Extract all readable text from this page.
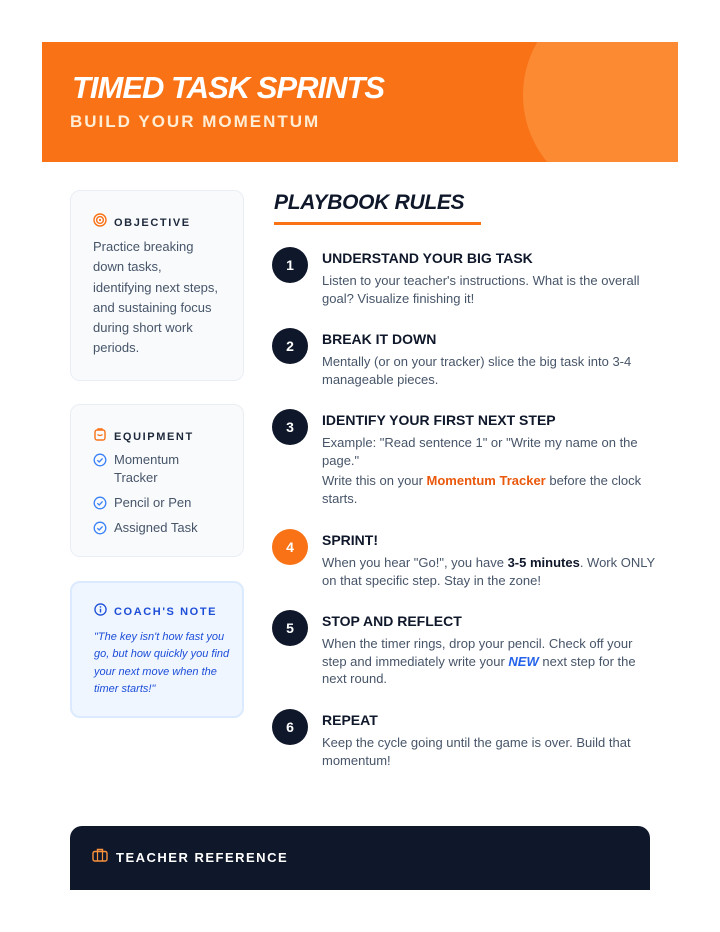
TIMED TASK SPRINTS
BUILD YOUR MOMENTUM
OBJECTIVE
Practice breaking down tasks, identifying next steps, and sustaining focus during short work periods.
EQUIPMENT
Momentum Tracker
Pencil or Pen
Assigned Task
COACH'S NOTE
"The key isn't how fast you go, but how quickly you find your next move when the timer starts!"
PLAYBOOK RULES
1	UNDERSTAND YOUR BIG TASK
Listen to your teacher's instructions. What is the overall goal? Visualize finishing it!
2	BREAK IT DOWN
Mentally (or on your tracker) slice the big task into 3-4 manageable pieces.
3	IDENTIFY YOUR FIRST NEXT STEP
Example: "Read sentence 1" or "Write my name on the page."
Write this on your Momentum Tracker before the clock starts.
4	SPRINT!
When you hear "Go!", you have 3-5 minutes. Work ONLY on that specific step. Stay in the zone!
5	STOP AND REFLECT
When the timer rings, drop your pencil. Check off your step and immediately write your NEW next step for the next round.
6	REPEAT
Keep the cycle going until the game is over. Build that momentum!
TEACHER REFERENCE
